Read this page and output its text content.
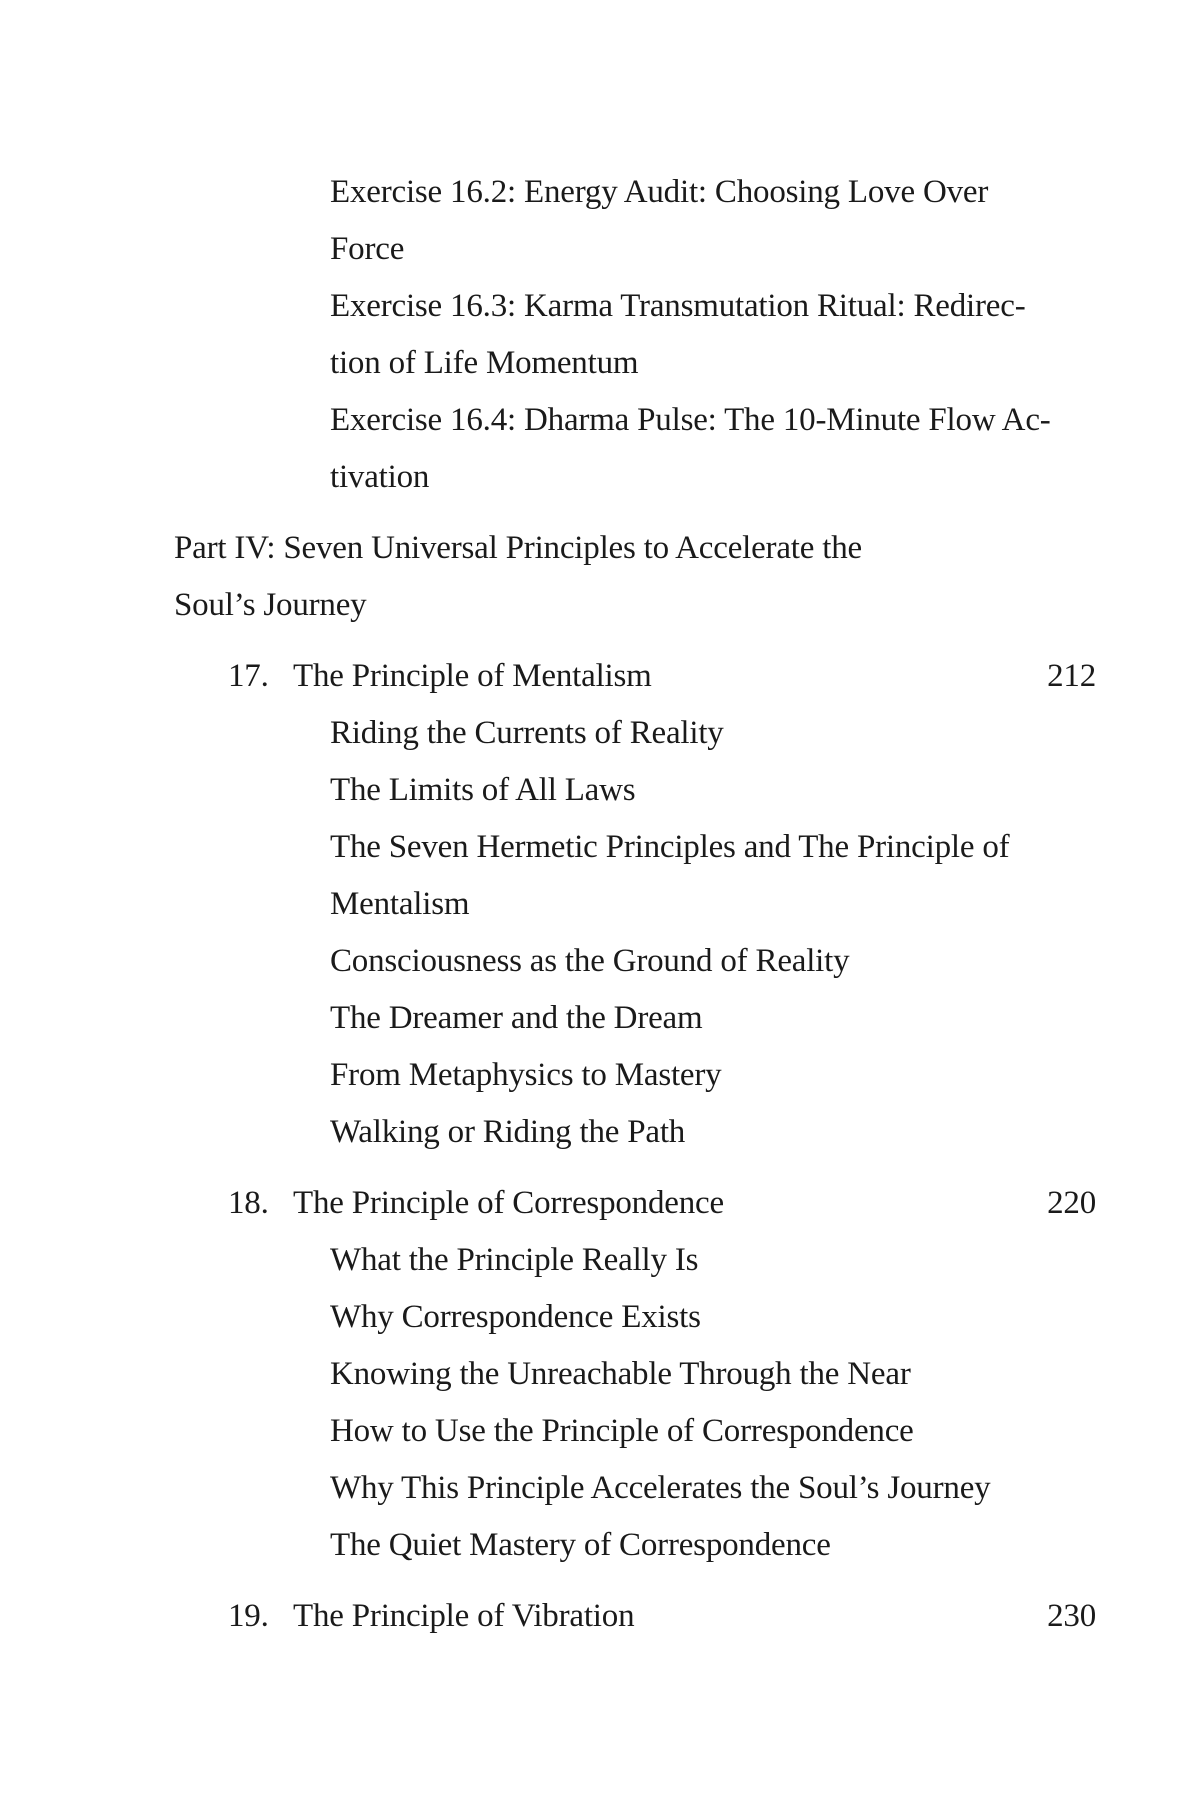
Exercise 16.2: Energy Audit: Choosing Love Over
Force
Exercise 16.3: Karma Transmutation Ritual: Redirec-
tion of Life Momentum
Exercise 16.4: Dharma Pulse: The 10-Minute Flow Ac-
tivation
Part IV: Seven Universal Principles to Accelerate the
Soul’s Journey
17. The Principle of Mentalism	212
Riding the Currents of Reality
The Limits of All Laws
The Seven Hermetic Principles and The Principle of
Mentalism
Consciousness as the Ground of Reality
The Dreamer and the Dream
From Metaphysics to Mastery
Walking or Riding the Path
18. The Principle of Correspondence	220
What the Principle Really Is
Why Correspondence Exists
Knowing the Unreachable Through the Near
How to Use the Principle of Correspondence
Why This Principle Accelerates the Soul’s Journey
The Quiet Mastery of Correspondence
19. The Principle of Vibration	230
